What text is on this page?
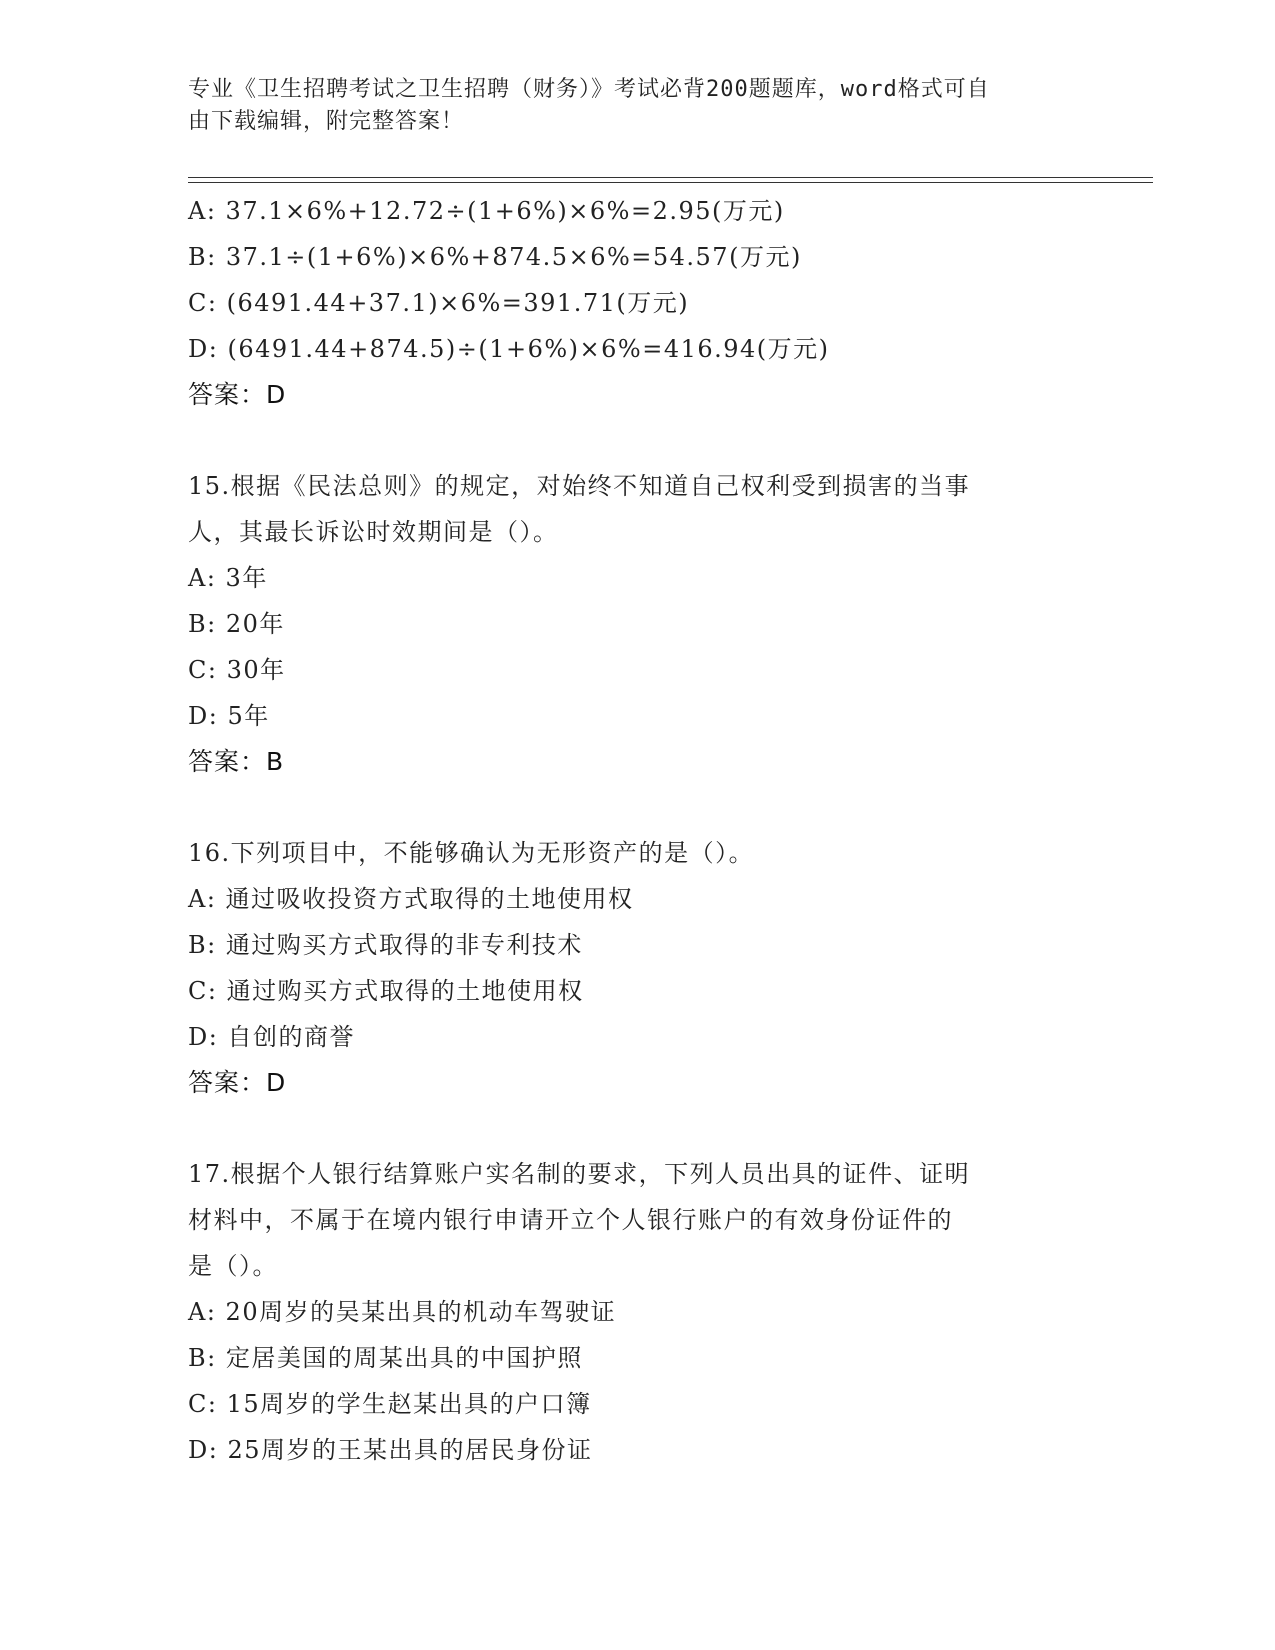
专业《卫生招聘考试之卫生招聘（财务）》考试必背200题题库，word格式可自
由下载编辑，附完整答案！
A: 37.1×6%+12.72÷(1+6%)×6%=2.95(万元)
B: 37.1÷(1+6%)×6%+874.5×6%=54.57(万元)
C: (6491.44+37.1)×6%=391.71(万元)
D: (6491.44+874.5)÷(1+6%)×6%=416.94(万元)
答案：D
15.根据《民法总则》的规定，对始终不知道自己权利受到损害的当事
人，其最长诉讼时效期间是（）。
A: 3年
B: 20年
C: 30年
D: 5年
答案：B
16.下列项目中，不能够确认为无形资产的是（）。
A: 通过吸收投资方式取得的土地使用权
B: 通过购买方式取得的非专利技术
C: 通过购买方式取得的土地使用权
D: 自创的商誉
答案：D
17.根据个人银行结算账户实名制的要求，下列人员出具的证件、证明
材料中，不属于在境内银行申请开立个人银行账户的有效身份证件的
是（）。
A: 20周岁的吴某出具的机动车驾驶证
B: 定居美国的周某出具的中国护照
C: 15周岁的学生赵某出具的户口簿
D: 25周岁的王某出具的居民身份证
